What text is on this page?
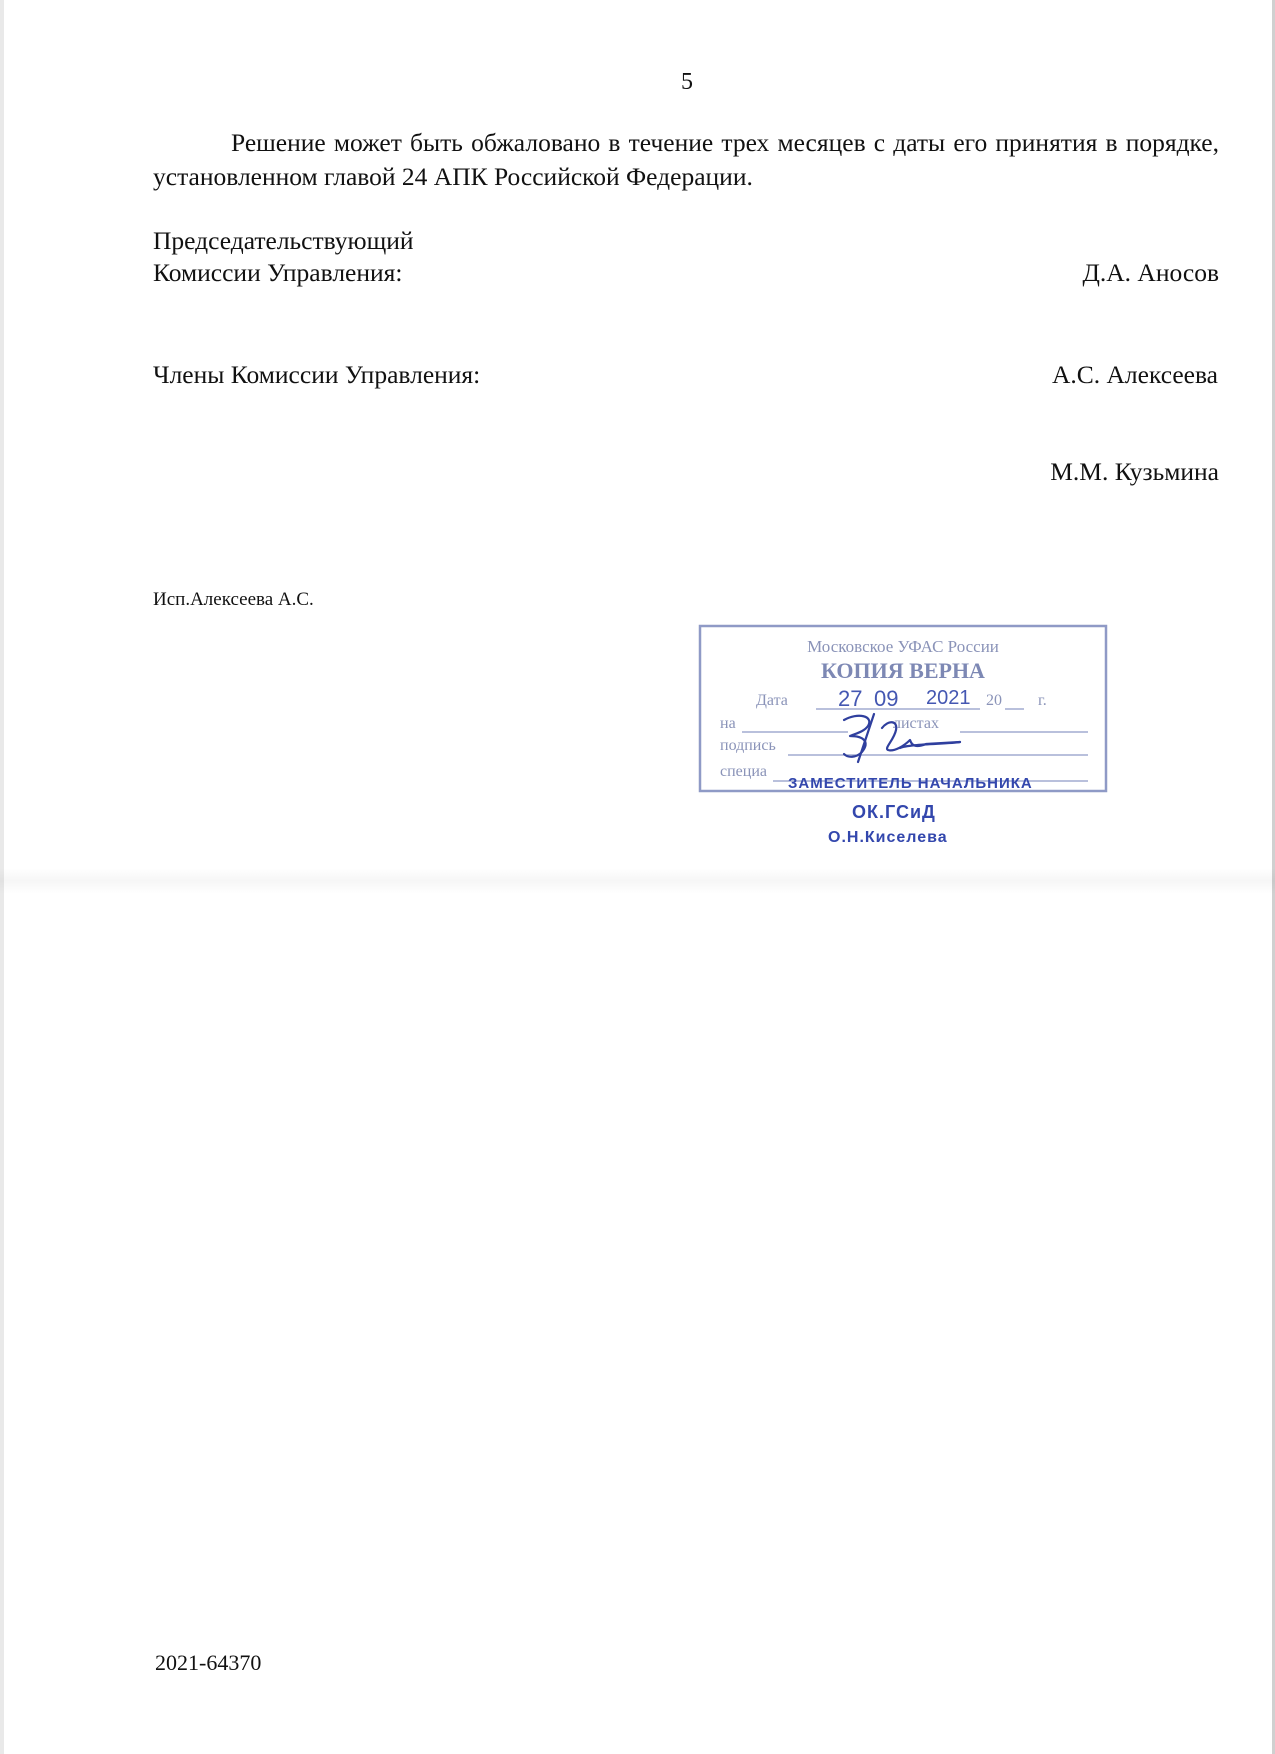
5
Решение может быть обжаловано в течение трех месяцев с даты его принятия в порядке, установленном главой 24 АПК Российской Федерации.
Председательствующий
Комиссии Управления:	Д.А. Аносов
Члены Комиссии Управления:	А.С. Алексеева
М.М. Кузьмина
Исп.Алексеева А.С.
Московское УФАС России
КОПИЯ ВЕРНА
Дата 27 09 2021 20 г.
на	листах
подпись
специа
ЗАМЕСТИТЕЛЬ НАЧАЛЬНИКА
ОК.ГСиД
О.Н.Киселева
2021-64370
